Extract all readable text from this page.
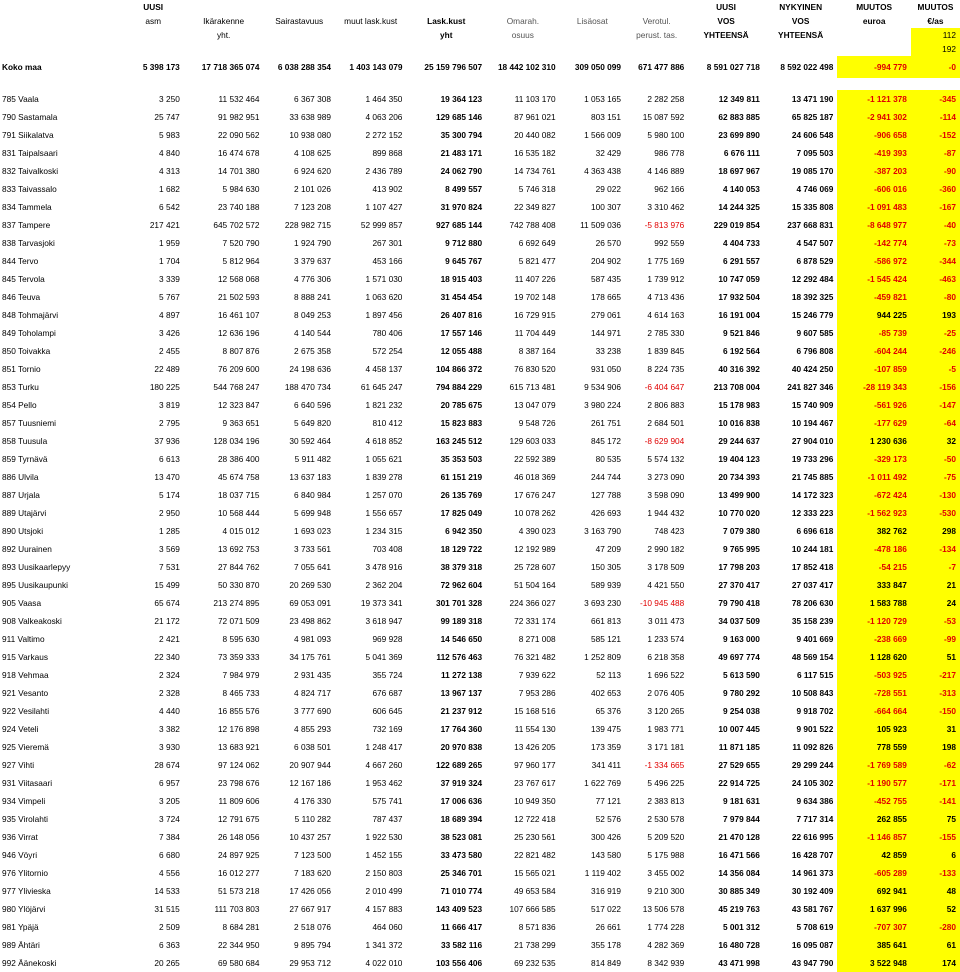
	UUSI								UUSI	NYKYINEN	MUUTOS	MUUTOS
	asm	Ikärakenne	Sairastavuus	muut lask.kust	Lask.kust	Omarah.	Lisäosat	Verotul.	VOS	VOS	euroa	€/as
		yht.			yht	osuus		perust. tas.	YHTEENSÄ	YHTEENSÄ		112
												192
Koko maa	5 398 173	17 718 365 074	6 038 288 354	1 403 143 079	25 159 796 507	18 442 102 310	309 050 099	671 477 886	8 591 027 718	8 592 022 498	-994 779	-0

785 Vaala	3 250	11 532 464	6 367 308	1 464 350	19 364 123	11 103 170	1 053 165	2 282 258	12 349 811	13 471 190	-1 121 378	-345
790 Sastamala	25 747	91 982 951	33 638 989	4 063 206	129 685 146	87 961 021	803 151	15 087 592	62 883 885	65 825 187	-2 941 302	-114
791 Siikalatva	5 983	22 090 562	10 938 080	2 272 152	35 300 794	20 440 082	1 566 009	5 980 100	23 699 890	24 606 548	-906 658	-152
831 Taipalsaari	4 840	16 474 678	4 108 625	899 868	21 483 171	16 535 182	32 429	986 778	6 676 111	7 095 503	-419 393	-87
832 Taivalkoski	4 313	14 701 380	6 924 620	2 436 789	24 062 790	14 734 761	4 363 438	4 146 889	18 697 967	19 085 170	-387 203	-90
833 Taivassalo	1 682	5 984 630	2 101 026	413 902	8 499 557	5 746 318	29 022	962 166	4 140 053	4 746 069	-606 016	-360
834 Tammela	6 542	23 740 188	7 123 208	1 107 427	31 970 824	22 349 827	100 307	3 310 462	14 244 325	15 335 808	-1 091 483	-167
837 Tampere	217 421	645 702 572	228 982 715	52 999 857	927 685 144	742 788 408	11 509 036	-5 813 976	229 019 854	237 668 831	-8 648 977	-40
838 Tarvasjoki	1 959	7 520 790	1 924 790	267 301	9 712 880	6 692 649	26 570	992 559	4 404 733	4 547 507	-142 774	-73
844 Tervo	1 704	5 812 964	3 379 637	453 166	9 645 767	5 821 477	204 902	1 775 169	6 291 557	6 878 529	-586 972	-344
845 Tervola	3 339	12 568 068	4 776 306	1 571 030	18 915 403	11 407 226	587 435	1 739 912	10 747 059	12 292 484	-1 545 424	-463
846 Teuva	5 767	21 502 593	8 888 241	1 063 620	31 454 454	19 702 148	178 665	4 713 436	17 932 504	18 392 325	-459 821	-80
848 Tohmajärvi	4 897	16 461 107	8 049 253	1 897 456	26 407 816	16 729 915	279 061	4 614 163	16 191 004	15 246 779	944 225	193
849 Toholampi	3 426	12 636 196	4 140 544	780 406	17 557 146	11 704 449	144 971	2 785 330	9 521 846	9 607 585	-85 739	-25
850 Toivakka	2 455	8 807 876	2 675 358	572 254	12 055 488	8 387 164	33 238	1 839 845	6 192 564	6 796 808	-604 244	-246
851 Tornio	22 489	76 209 600	24 198 636	4 458 137	104 866 372	76 830 520	931 050	8 224 735	40 316 392	40 424 250	-107 859	-5
853 Turku	180 225	544 768 247	188 470 734	61 645 247	794 884 229	615 713 481	9 534 906	-6 404 647	213 708 004	241 827 346	-28 119 343	-156
854 Pello	3 819	12 323 847	6 640 596	1 821 232	20 785 675	13 047 079	3 980 224	2 806 883	15 178 983	15 740 909	-561 926	-147
857 Tuusniemi	2 795	9 363 651	5 649 820	810 412	15 823 883	9 548 726	261 751	2 684 501	10 016 838	10 194 467	-177 629	-64
858 Tuusula	37 936	128 034 196	30 592 464	4 618 852	163 245 512	129 603 033	845 172	-8 629 904	29 244 637	27 904 010	1 230 636	32
859 Tyrnävä	6 613	28 386 400	5 911 482	1 055 621	35 353 503	22 592 389	80 535	5 574 132	19 404 123	19 733 296	-329 173	-50
886 Ulvila	13 470	45 674 758	13 637 183	1 839 278	61 151 219	46 018 369	244 744	3 273 090	20 734 393	21 745 885	-1 011 492	-75
887 Urjala	5 174	18 037 715	6 840 984	1 257 070	26 135 769	17 676 247	127 788	3 598 090	13 499 900	14 172 323	-672 424	-130
889 Utajärvi	2 950	10 568 444	5 699 948	1 556 657	17 825 049	10 078 262	426 693	1 944 432	10 770 020	12 333 223	-1 562 923	-530
890 Utsjoki	1 285	4 015 012	1 693 023	1 234 315	6 942 350	4 390 023	3 163 790	748 423	7 079 380	6 696 618	382 762	298
892 Uurainen	3 569	13 692 753	3 733 561	703 408	18 129 722	12 192 989	47 209	2 990 182	9 765 995	10 244 181	-478 186	-134
893 Uusikaarlepyy	7 531	27 844 762	7 055 641	3 478 916	38 379 318	25 728 607	150 305	3 178 509	17 798 203	17 852 418	-54 215	-7
895 Uusikaupunki	15 499	50 330 870	20 269 530	2 362 204	72 962 604	51 504 164	589 939	4 421 550	27 370 417	27 037 417	333 847	21
905 Vaasa	65 674	213 274 895	69 053 091	19 373 341	301 701 328	224 366 027	3 693 230	-10 945 488	79 790 418	78 206 630	1 583 788	24
908 Valkeakoski	21 172	72 071 509	23 498 862	3 618 947	99 189 318	72 331 174	661 813	3 011 473	34 037 509	35 158 239	-1 120 729	-53
911 Valtimo	2 421	8 595 630	4 981 093	969 928	14 546 650	8 271 008	585 121	1 233 574	9 163 000	9 401 669	-238 669	-99
915 Varkaus	22 340	73 359 333	34 175 761	5 041 369	112 576 463	76 321 482	1 252 809	6 218 358	49 697 774	48 569 154	1 128 620	51
918 Vehmaa	2 324	7 984 979	2 931 435	355 724	11 272 138	7 939 622	52 113	1 696 522	5 613 590	6 117 515	-503 925	-217
921 Vesanto	2 328	8 465 733	4 824 717	676 687	13 967 137	7 953 286	402 653	2 076 405	9 780 292	10 508 843	-728 551	-313
922 Vesilahti	4 440	16 855 576	3 777 690	606 645	21 237 912	15 168 516	65 376	3 120 265	9 254 038	9 918 702	-664 664	-150
924 Veteli	3 382	12 176 898	4 855 293	732 169	17 764 360	11 554 130	139 475	1 983 771	10 007 445	9 901 522	105 923	31
925 Vieremä	3 930	13 683 921	6 038 501	1 248 417	20 970 838	13 426 205	173 359	3 171 181	11 871 185	11 092 826	778 559	198
927 Vihti	28 674	97 124 062	20 907 944	4 667 260	122 689 265	97 960 177	341 411	-1 334 665	27 529 655	29 299 244	-1 769 589	-62
931 Viitasaari	6 957	23 798 676	12 167 186	1 953 462	37 919 324	23 767 617	1 622 769	5 496 225	22 914 725	24 105 302	-1 190 577	-171
934 Vimpeli	3 205	11 809 606	4 176 330	575 741	17 006 636	10 949 350	77 121	2 383 813	9 181 631	9 634 386	-452 755	-141
935 Virolahti	3 724	12 791 675	5 110 282	787 437	18 689 394	12 722 418	52 576	2 530 578	7 979 844	7 717 314	262 855	75
936 Virrat	7 384	26 148 056	10 437 257	1 922 530	38 523 081	25 230 561	300 426	5 209 520	21 470 128	22 616 995	-1 146 857	-155
946 Vöyri	6 680	24 897 925	7 123 500	1 452 155	33 473 580	22 821 482	143 580	5 175 988	16 471 566	16 428 707	42 859	6
976 Ylitornio	4 556	16 012 277	7 183 620	2 150 803	25 346 701	15 565 021	1 119 402	3 455 002	14 356 084	14 961 373	-605 289	-133
977 Ylivieska	14 533	51 573 218	17 426 056	2 010 499	71 010 774	49 653 584	316 919	9 210 300	30 885 349	30 192 409	692 941	48
980 Ylöjärvi	31 515	111 703 803	27 667 917	4 157 883	143 409 523	107 666 585	517 022	13 506 578	45 219 763	43 581 767	1 637 996	52
981 Ypäjä	2 509	8 684 281	2 518 076	464 060	11 666 417	8 571 836	26 661	1 774 228	5 001 312	5 708 619	-707 307	-280
989 Ähtäri	6 363	22 344 950	9 895 794	1 341 372	33 582 116	21 738 299	355 178	4 282 369	16 480 728	16 095 087	385 641	61
992 Äänekoski	20 265	69 580 684	29 953 712	4 022 010	103 556 406	69 232 535	814 849	8 342 939	43 471 998	43 947 790	3 522 948	174
